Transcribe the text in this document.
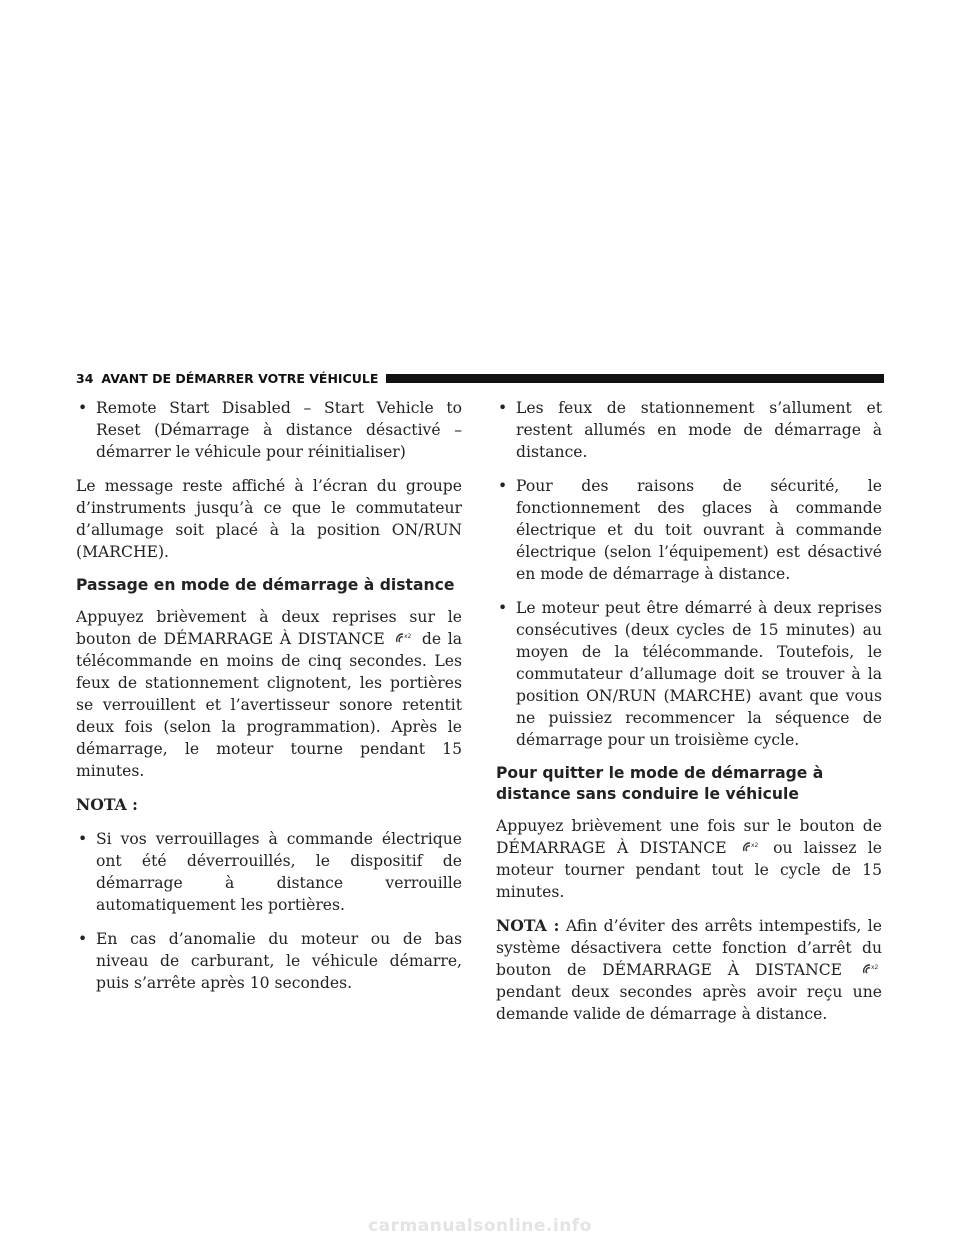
34 AVANT DE DÉMARRER VOTRE VÉHICULE
• Remote Start Disabled – Start Vehicle to Reset (Démarrage à distance désactivé – démarrer le véhicule pour réinitialiser)

Le message reste affiché à l’écran du groupe d’instruments jusqu’à ce que le commutateur d’allumage soit placé à la position ON/RUN (MARCHE).

Passage en mode de démarrage à distance

Appuyez brièvement à deux reprises sur le bouton de DÉMARRAGE À DISTANCE	x2 de la télécommande en moins de cinq secondes. Les feux de stationnement clignotent, les portières se verrouillent et l’avertisseur sonore retentit deux fois (selon la programmation). Après le démarrage, le moteur tourne pendant 15 minutes.

NOTA :

• Si vos verrouillages à commande électrique ont été déverrouillés, le dispositif de démarrage à distance verrouille automatiquement les portières.
• En cas d’anomalie du moteur ou de bas niveau de carburant, le véhicule démarre, puis s’arrête après 10 secondes.
• Les feux de stationnement s’allument et restent allumés en mode de démarrage à distance.
• Pour des raisons de sécurité, le fonctionnement des glaces à commande électrique et du toit ouvrant à commande électrique (selon l’équipement) est désactivé en mode de démarrage à distance.
• Le moteur peut être démarré à deux reprises consécutives (deux cycles de 15 minutes) au moyen de la télécommande. Toutefois, le commutateur d’allumage doit se trouver à la position ON/RUN (MARCHE) avant que vous ne puissiez recommencer la séquence de démarrage pour un troisième cycle.
Pour quitter le mode de démarrage à distance sans conduire le véhicule

Appuyez brièvement une fois sur le bouton de DÉMARRAGE À DISTANCE	x2 ou laissez le moteur tourner pendant tout le cycle de 15 minutes.

NOTA : Afin d’éviter des arrêts intempestifs, le système désactivera cette fonction d’arrêt du bouton de DÉMARRAGE À DISTANCE	x2
pendant deux secondes après avoir reçu une demande valide de démarrage à distance.

carmanualsonline.info
